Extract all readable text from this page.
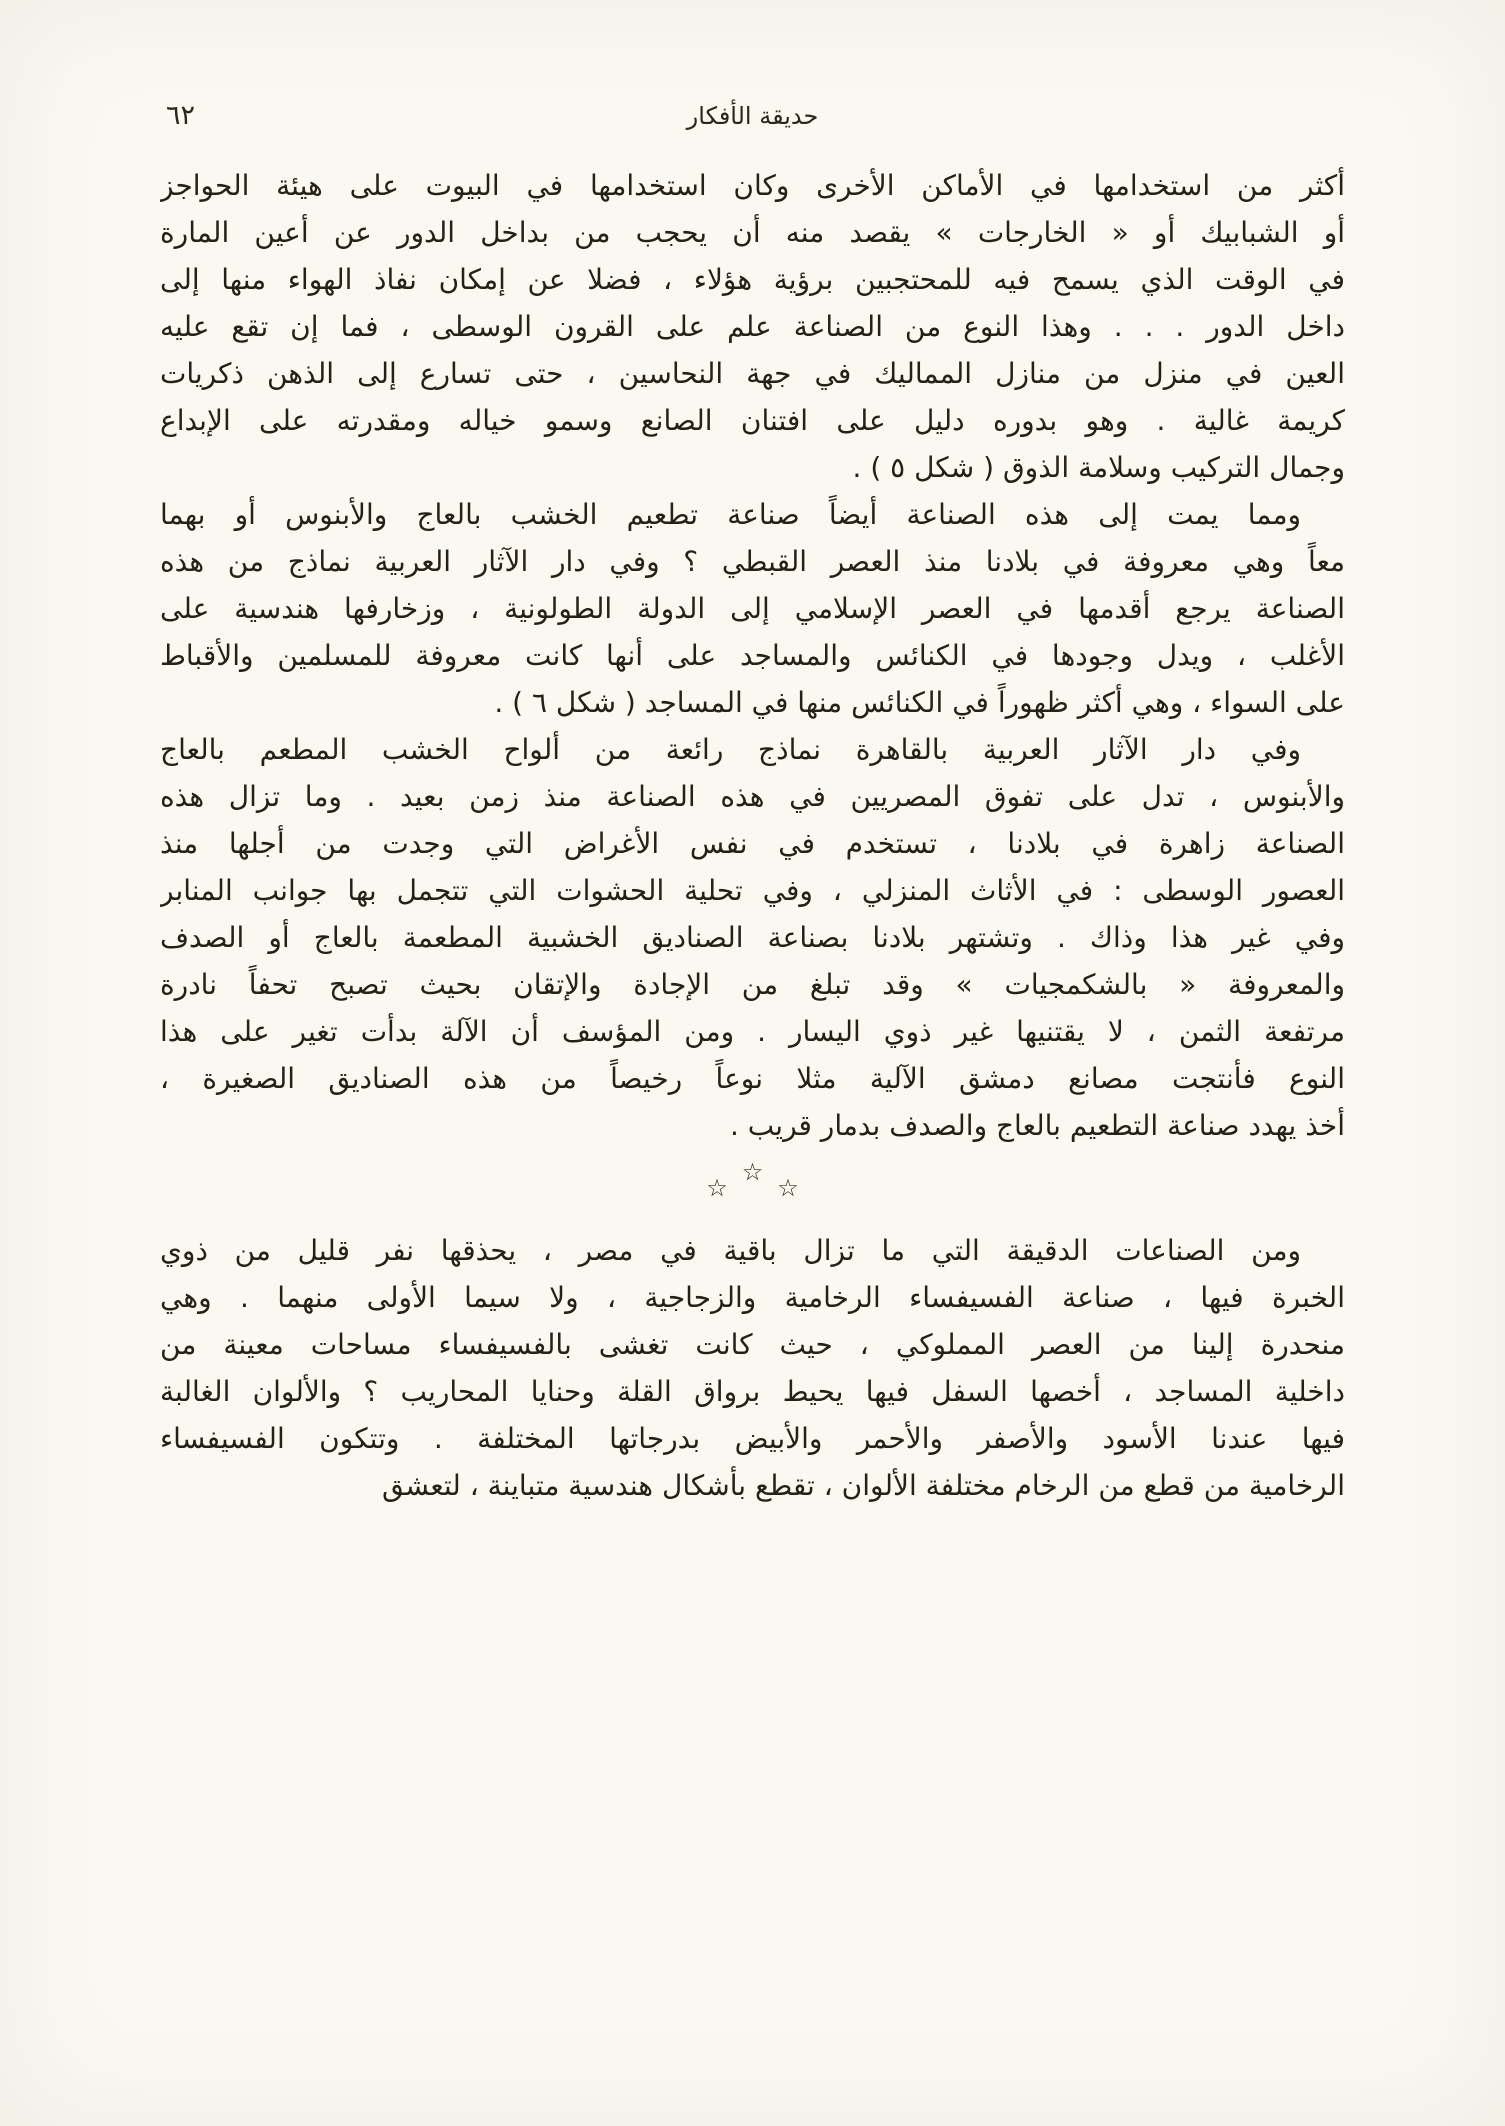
٦٢	حديقة الأفكار
أكثر من استخدامها في الأماكن الأخرى وكان استخدامها في البيوت على هيئة الحواجز
أو الشبابيك أو « الخارجات » يقصد منه أن يحجب من بداخل الدور عن أعين المارة
في الوقت الذي يسمح فيه للمحتجبين برؤية هؤلاء ، فضلا عن إمكان نفاذ الهواء منها إلى
داخل الدور . . . وهذا النوع من الصناعة علم على القرون الوسطى ، فما إن تقع عليه
العين في منزل من منازل المماليك في جهة النحاسين ، حتى تسارع إلى الذهن ذكريات
كريمة غالية . وهو بدوره دليل على افتنان الصانع وسمو خياله ومقدرته على الإبداع
وجمال التركيب وسلامة الذوق ( شكل ٥ ) .
ومما يمت إلى هذه الصناعة أيضاً صناعة تطعيم الخشب بالعاج والأبنوس أو بهما
معاً وهي معروفة في بلادنا منذ العصر القبطي ؟ وفي دار الآثار العربية نماذج من هذه
الصناعة يرجع أقدمها في العصر الإسلامي إلى الدولة الطولونية ، وزخارفها هندسية على
الأغلب ، ويدل وجودها في الكنائس والمساجد على أنها كانت معروفة للمسلمين والأقباط
على السواء ، وهي أكثر ظهوراً في الكنائس منها في المساجد ( شكل ٦ ) .
وفي دار الآثار العربية بالقاهرة نماذج رائعة من ألواح الخشب المطعم بالعاج
والأبنوس ، تدل على تفوق المصريين في هذه الصناعة منذ زمن بعيد . وما تزال هذه
الصناعة زاهرة في بلادنا ، تستخدم في نفس الأغراض التي وجدت من أجلها منذ
العصور الوسطى : في الأثاث المنزلي ، وفي تحلية الحشوات التي تتجمل بها جوانب المنابر
وفي غير هذا وذاك . وتشتهر بلادنا بصناعة الصناديق الخشبية المطعمة بالعاج أو الصدف
والمعروفة « بالشكمجيات » وقد تبلغ من الإجادة والإتقان بحيث تصبح تحفاً نادرة
مرتفعة الثمن ، لا يقتنيها غير ذوي اليسار . ومن المؤسف أن الآلة بدأت تغير على هذا
النوع فأنتجت مصانع دمشق الآلية مثلا نوعاً رخيصاً من هذه الصناديق الصغيرة ،
أخذ يهدد صناعة التطعيم بالعاج والصدف بدمار قريب .
☆☆☆
ومن الصناعات الدقيقة التي ما تزال باقية في مصر ، يحذقها نفر قليل من ذوي
الخبرة فيها ، صناعة الفسيفساء الرخامية والزجاجية ، ولا سيما الأولى منهما . وهي
منحدرة إلينا من العصر المملوكي ، حيث كانت تغشى بالفسيفساء مساحات معينة من
داخلية المساجد ، أخصها السفل فيها يحيط برواق القلة وحنايا المحاريب ؟ والألوان الغالبة
فيها عندنا الأسود والأصفر والأحمر والأبيض بدرجاتها المختلفة . وتتكون الفسيفساء
الرخامية من قطع من الرخام مختلفة الألوان ، تقطع بأشكال هندسية متباينة ، لتعشق
